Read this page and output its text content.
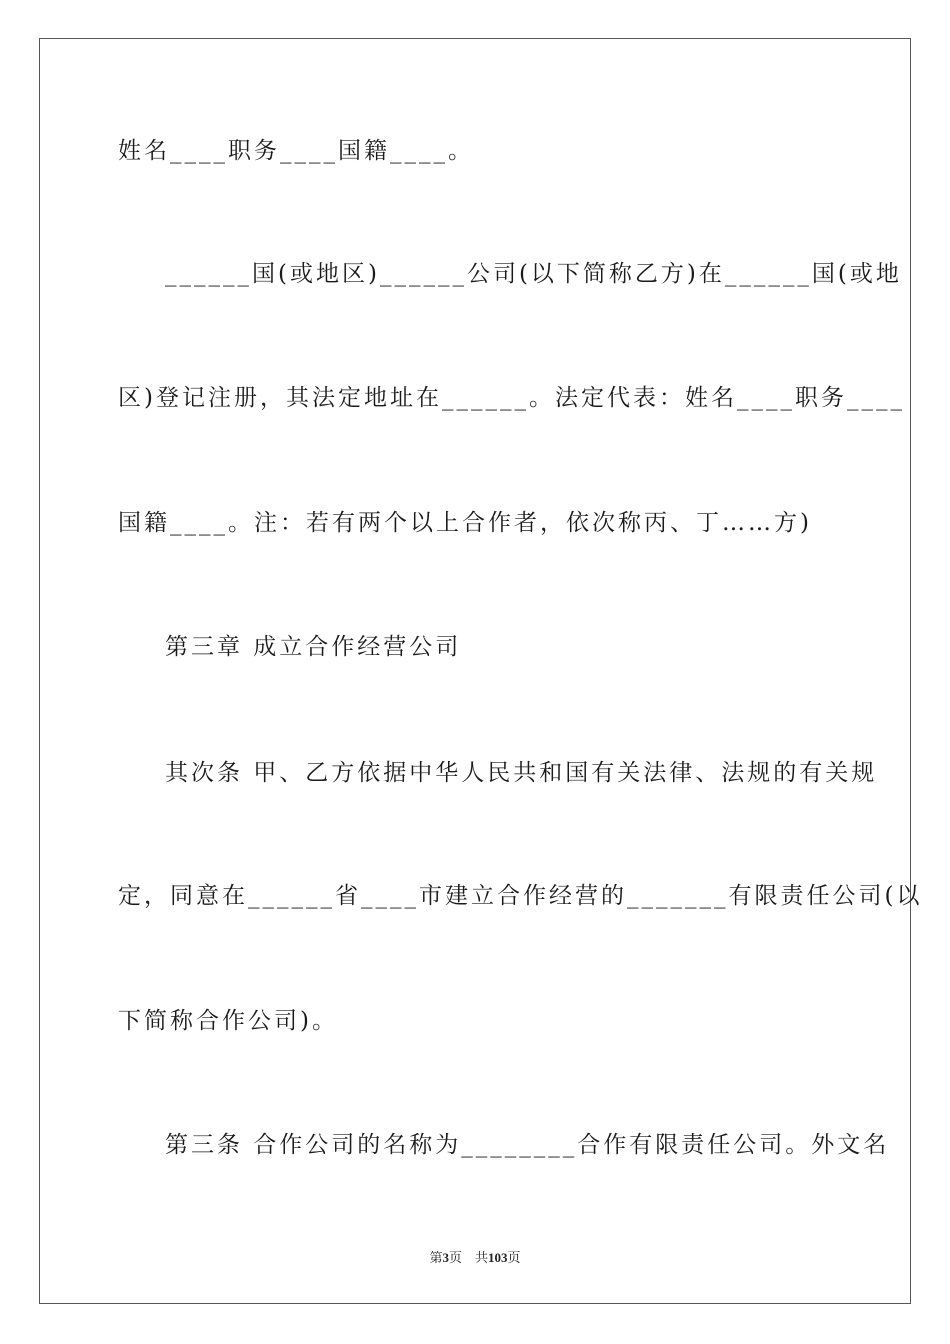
姓名____职务____国籍____。
______国(或地区)______公司(以下简称乙方)在______国(或地
区)登记注册，其法定地址在______。法定代表：姓名____职务____
国籍____。注：若有两个以上合作者，依次称丙、丁……方)
第三章 成立合作经营公司
其次条 甲、乙方依据中华人民共和国有关法律、法规的有关规
定，同意在______省____市建立合作经营的_______有限责任公司(以
下简称合作公司)。
第三条 合作公司的名称为________合作有限责任公司。外文名
第3页 共103页
